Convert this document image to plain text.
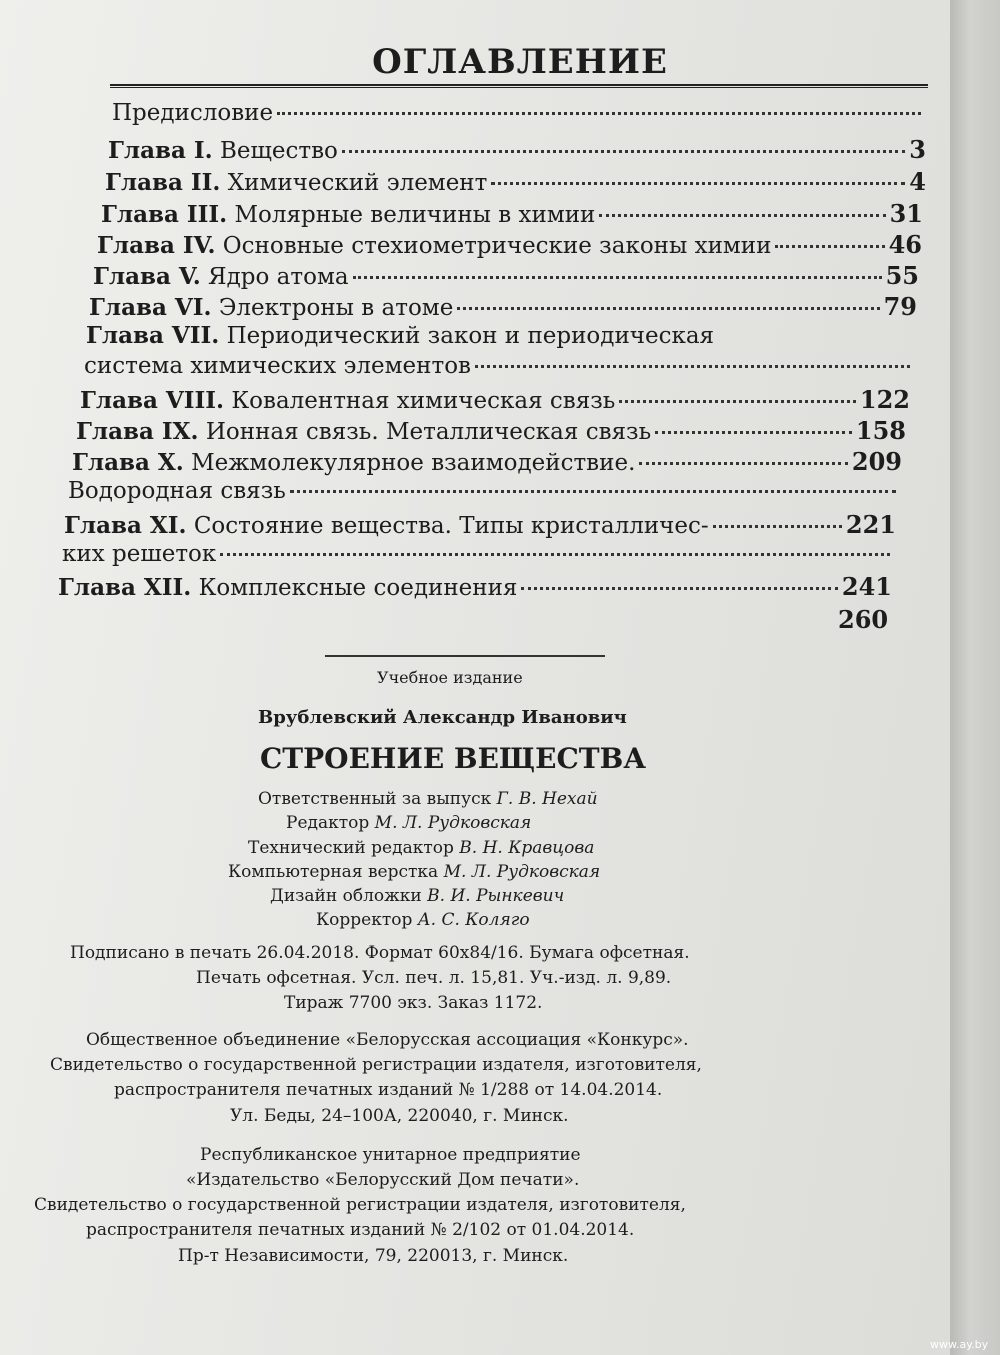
ОГЛАВЛЕНИЕ
Предисловие
Глава I. Вещество	3
Глава II. Химический элемент	4
Глава III. Молярные величины в химии	31
Глава IV. Основные стехиометрические законы химии	46
Глава V. Ядро атома	55
Глава VI. Электроны в атоме	79
Глава VII. Периодический закон и периодическая
система химических элементов
Глава VIII. Ковалентная химическая связь	122
Глава IX. Ионная связь. Металлическая связь	158
Глава X. Межмолекулярное взаимодействие.	209
Водородная связь
Глава XI. Состояние вещества. Типы кристалличес-	221
ких решеток
Глава XII. Комплексные соединения	241
260
Учебное издание
Врублевский Александр Иванович
СТРОЕНИЕ ВЕЩЕСТВА
Ответственный за выпуск Г. В. Нехай
Редактор М. Л. Рудковская
Технический редактор В. Н. Кравцова
Компьютерная верстка М. Л. Рудковская
Дизайн обложки В. И. Рынкевич
Корректор А. С. Коляго
Подписано в печать 26.04.2018. Формат 60x84/16. Бумага офсетная.
Печать офсетная. Усл. печ. л. 15,81. Уч.-изд. л. 9,89.
Тираж 7700 экз. Заказ 1172.
Общественное объединение «Белорусская ассоциация «Конкурс».
Свидетельство о государственной регистрации издателя, изготовителя,
распространителя печатных изданий № 1/288 от 14.04.2014.
Ул. Беды, 24–100А, 220040, г. Минск.
Республиканское унитарное предприятие
«Издательство «Белорусский Дом печати».
Свидетельство о государственной регистрации издателя, изготовителя,
распространителя печатных изданий № 2/102 от 01.04.2014.
Пр-т Независимости, 79, 220013, г. Минск.
www.ay.by
